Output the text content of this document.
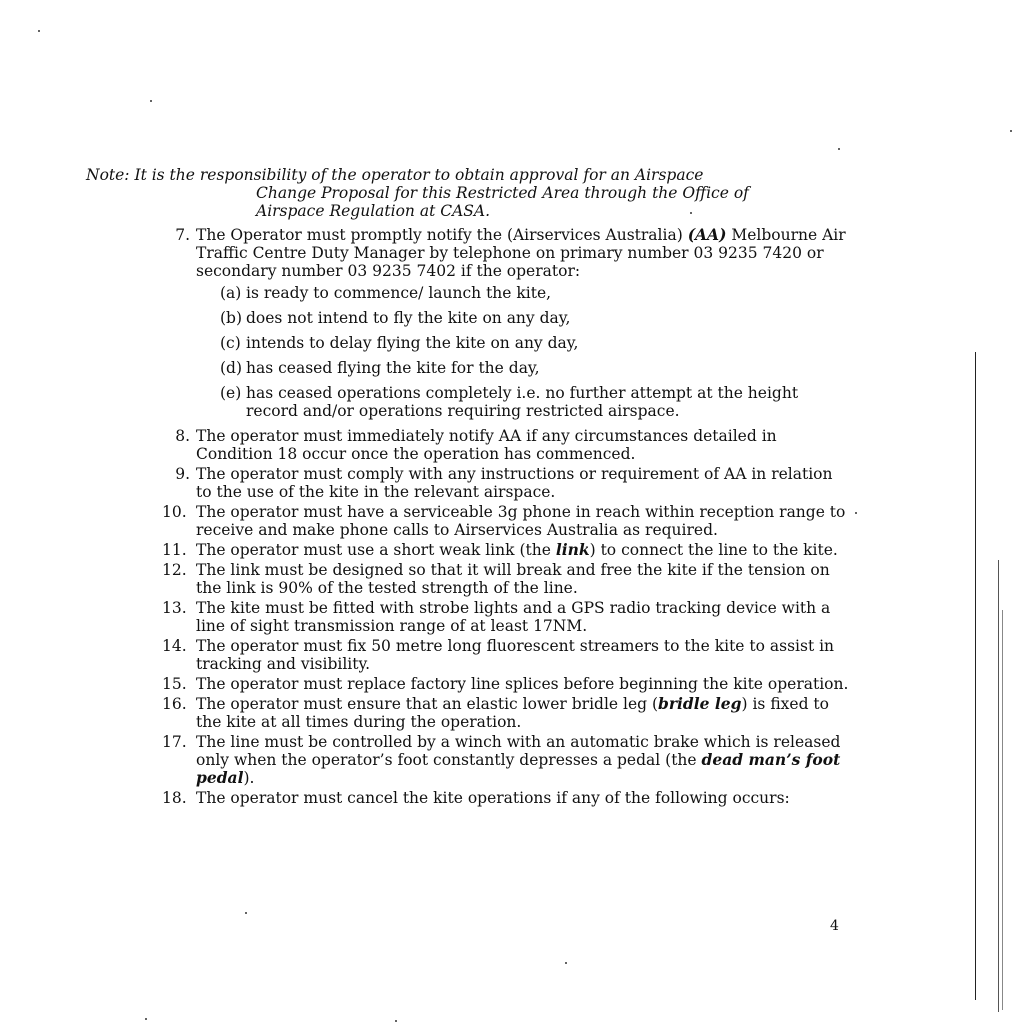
Note: It is the responsibility of the operator to obtain approval for an Airspace
Change Proposal for this Restricted Area through the Office of
Airspace Regulation at CASA.
7. The Operator must promptly notify the (Airservices Australia) (AA) Melbourne Air Traffic Centre Duty Manager by telephone on primary number 03 9235 7420 or secondary number 03 9235 7402 if the operator:
(a) is ready to commence/ launch the kite,
(b) does not intend to fly the kite on any day,
(c) intends to delay flying the kite on any day,
(d) has ceased flying the kite for the day,
(e) has ceased operations completely i.e. no further attempt at the height record and/or operations requiring restricted airspace.
8. The operator must immediately notify AA if any circumstances detailed in Condition 18 occur once the operation has commenced.
9. The operator must comply with any instructions or requirement of AA in relation to the use of the kite in the relevant airspace.
10. The operator must have a serviceable 3g phone in reach within reception range to receive and make phone calls to Airservices Australia as required.
11. The operator must use a short weak link (the link) to connect the line to the kite.
12. The link must be designed so that it will break and free the kite if the tension on the link is 90% of the tested strength of the line.
13. The kite must be fitted with strobe lights and a GPS radio tracking device with a line of sight transmission range of at least 17NM.
14. The operator must fix 50 metre long fluorescent streamers to the kite to assist in tracking and visibility.
15. The operator must replace factory line splices before beginning the kite operation.
16. The operator must ensure that an elastic lower bridle leg (bridle leg) is fixed to the kite at all times during the operation.
17. The line must be controlled by a winch with an automatic brake which is released only when the operator’s foot constantly depresses a pedal (the dead man’s foot pedal).
18. The operator must cancel the kite operations if any of the following occurs:
4
